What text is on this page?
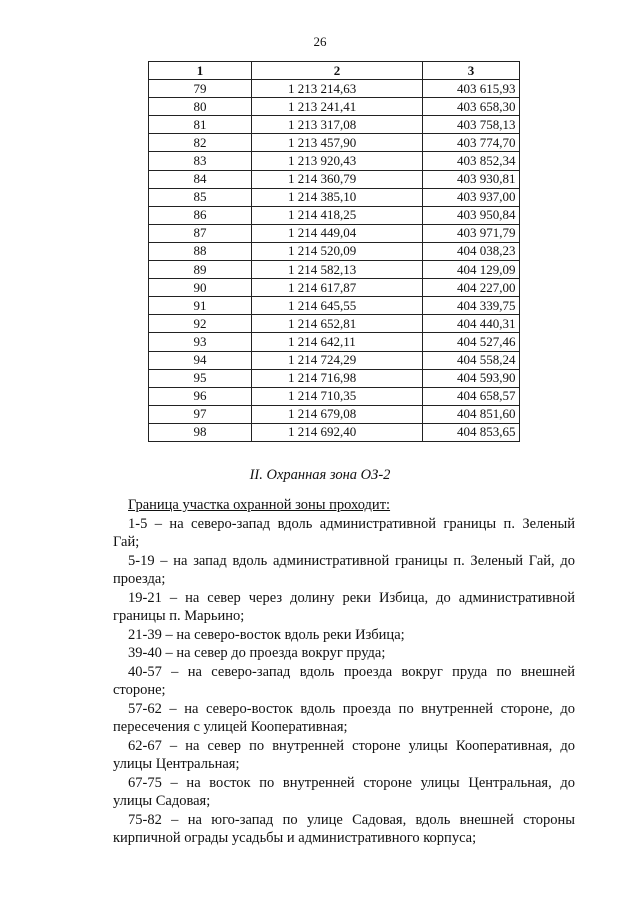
26
1	2	3
79	1 213 214,63	403 615,93
80	1 213 241,41	403 658,30
81	1 213 317,08	403 758,13
82	1 213 457,90	403 774,70
83	1 213 920,43	403 852,34
84	1 214 360,79	403 930,81
85	1 214 385,10	403 937,00
86	1 214 418,25	403 950,84
87	1 214 449,04	403 971,79
88	1 214 520,09	404 038,23
89	1 214 582,13	404 129,09
90	1 214 617,87	404 227,00
91	1 214 645,55	404 339,75
92	1 214 652,81	404 440,31
93	1 214 642,11	404 527,46
94	1 214 724,29	404 558,24
95	1 214 716,98	404 593,90
96	1 214 710,35	404 658,57
97	1 214 679,08	404 851,60
98	1 214 692,40	404 853,65
II. Охранная зона ОЗ-2

Граница участка охранной зоны проходит:

1-5 – на северо-запад вдоль административной границы п. Зеленый
Гай;

5-19 – на запад вдоль административной границы п. Зеленый Гай, до
проезда;

19-21 – на север через долину реки Избица, до административной
границы п. Марьино;

21-39 – на северо-восток вдоль реки Избица;

39-40 – на север до проезда вокруг пруда;

40-57 – на северо-запад вдоль проезда вокруг пруда по внешней
стороне;

57-62 – на северо-восток вдоль проезда по внутренней стороне, до
пересечения с улицей Кооперативная;

62-67 – на север по внутренней стороне улицы Кооперативная, до
улицы Центральная;

67-75 – на восток по внутренней стороне улицы Центральная, до
улицы Садовая;

75-82 – на юго-запад по улице Садовая, вдоль внешней стороны
кирпичной ограды усадьбы и административного корпуса;
